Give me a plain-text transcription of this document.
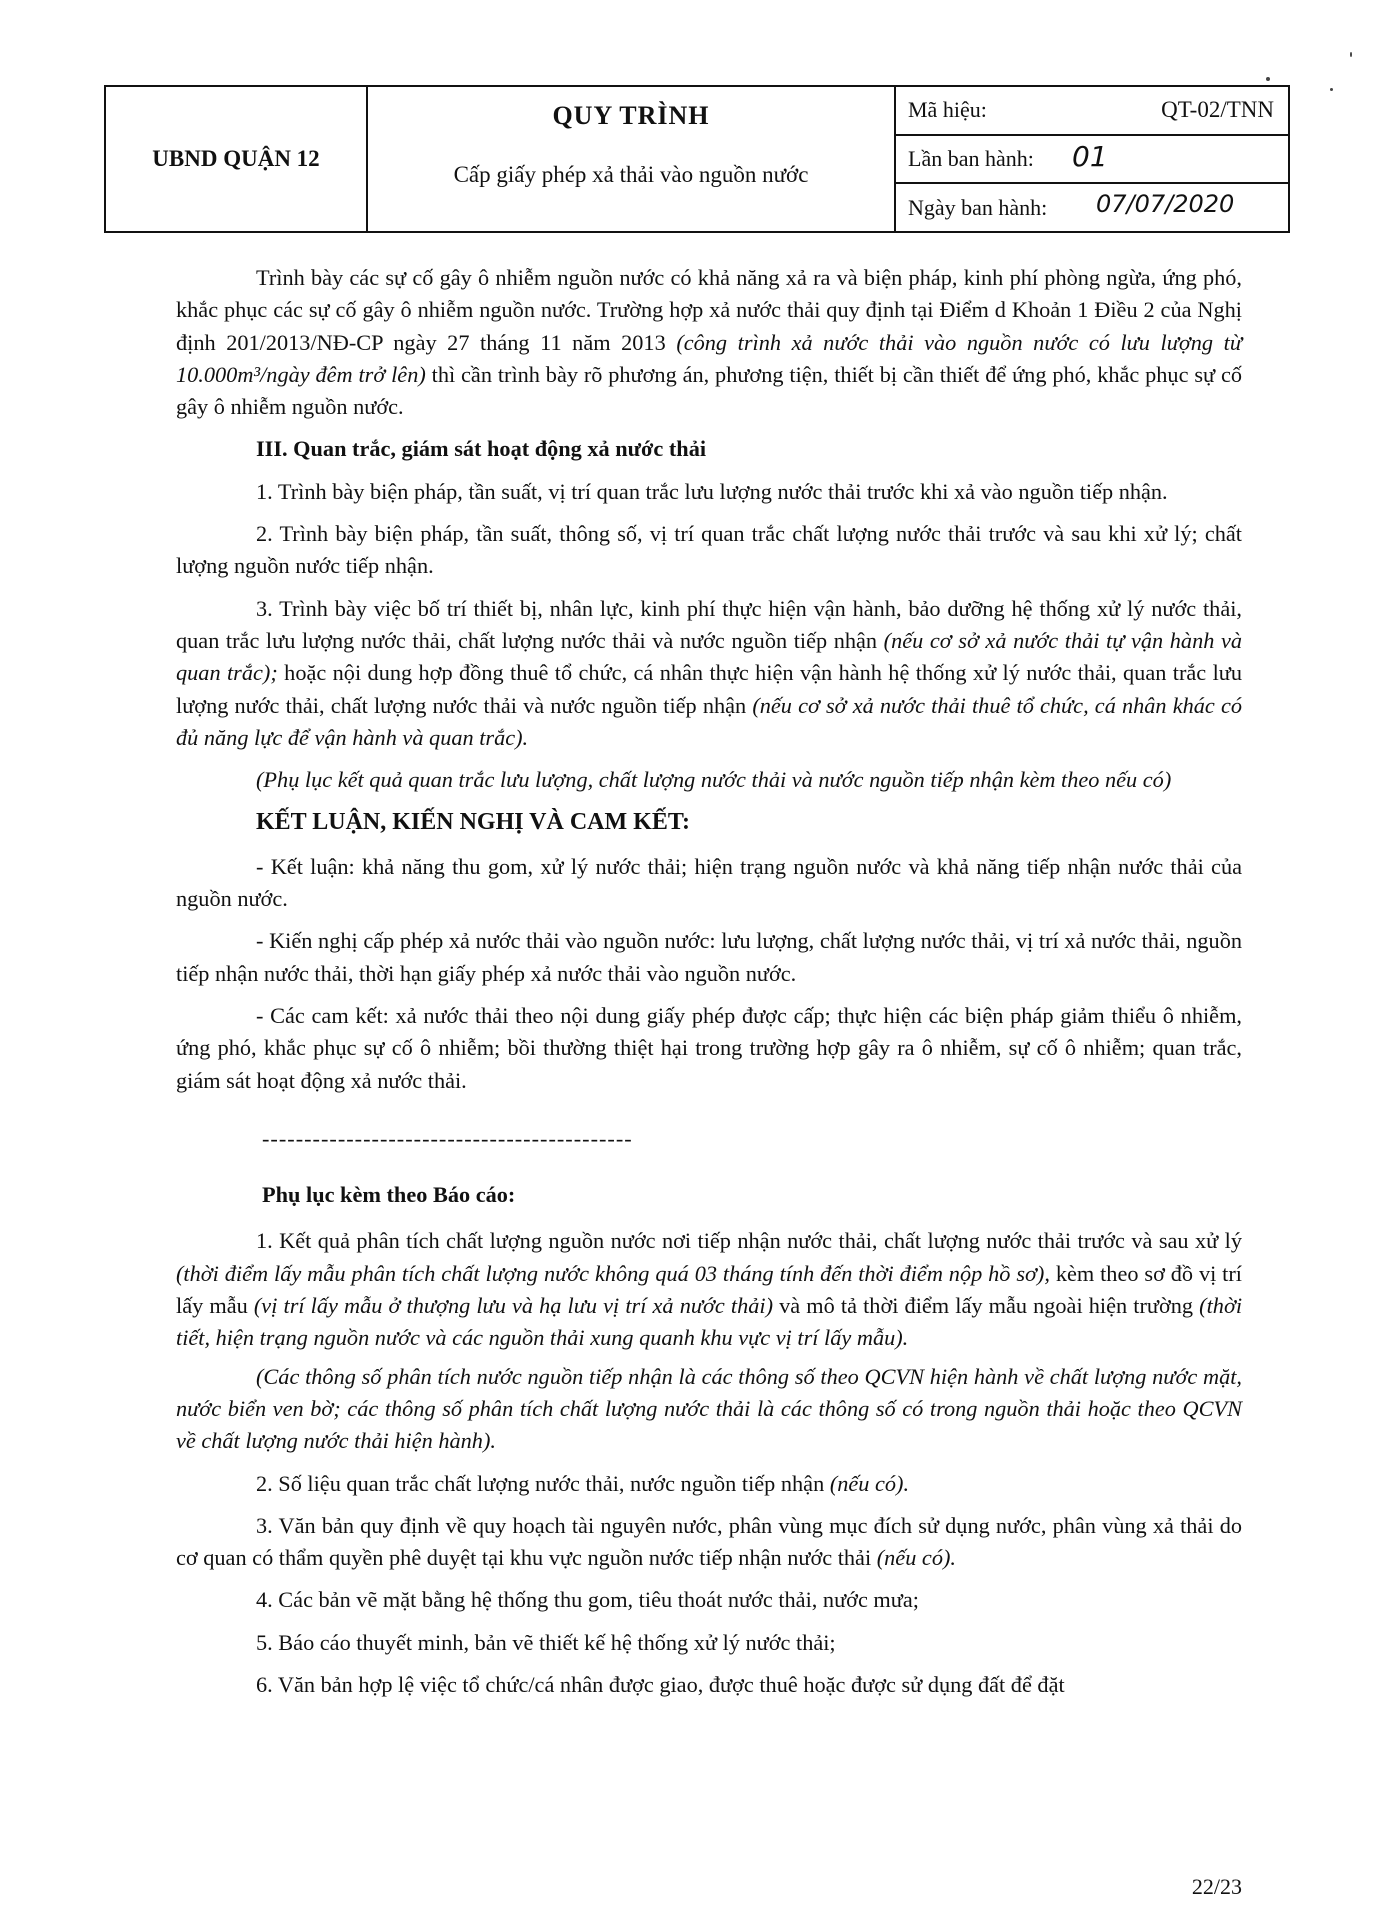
UBND QUẬN 12
QUY TRÌNH
Cấp giấy phép xả thải vào nguồn nước
Mã hiệu:	QT-02/TNN
Lần ban hành: 01
Ngày ban hành: 07/07/2020

Trình bày các sự cố gây ô nhiễm nguồn nước có khả năng xả ra và biện pháp, kinh phí phòng ngừa, ứng phó, khắc phục các sự cố gây ô nhiễm nguồn nước. Trường hợp xả nước thải quy định tại Điểm d Khoản 1 Điều 2 của Nghị định 201/2013/NĐ-CP ngày 27 tháng 11 năm 2013 (công trình xả nước thải vào nguồn nước có lưu lượng từ 10.000m³/ngày đêm trở lên) thì cần trình bày rõ phương án, phương tiện, thiết bị cần thiết để ứng phó, khắc phục sự cố gây ô nhiễm nguồn nước.

III. Quan trắc, giám sát hoạt động xả nước thải

1. Trình bày biện pháp, tần suất, vị trí quan trắc lưu lượng nước thải trước khi xả vào nguồn tiếp nhận.

2. Trình bày biện pháp, tần suất, thông số, vị trí quan trắc chất lượng nước thải trước và sau khi xử lý; chất lượng nguồn nước tiếp nhận.

3. Trình bày việc bố trí thiết bị, nhân lực, kinh phí thực hiện vận hành, bảo dưỡng hệ thống xử lý nước thải, quan trắc lưu lượng nước thải, chất lượng nước thải và nước nguồn tiếp nhận (nếu cơ sở xả nước thải tự vận hành và quan trắc); hoặc nội dung hợp đồng thuê tổ chức, cá nhân thực hiện vận hành hệ thống xử lý nước thải, quan trắc lưu lượng nước thải, chất lượng nước thải và nước nguồn tiếp nhận (nếu cơ sở xả nước thải thuê tổ chức, cá nhân khác có đủ năng lực để vận hành và quan trắc).

(Phụ lục kết quả quan trắc lưu lượng, chất lượng nước thải và nước nguồn tiếp nhận kèm theo nếu có)

KẾT LUẬN, KIẾN NGHỊ VÀ CAM KẾT:

- Kết luận: khả năng thu gom, xử lý nước thải; hiện trạng nguồn nước và khả năng tiếp nhận nước thải của nguồn nước.

- Kiến nghị cấp phép xả nước thải vào nguồn nước: lưu lượng, chất lượng nước thải, vị trí xả nước thải, nguồn tiếp nhận nước thải, thời hạn giấy phép xả nước thải vào nguồn nước.

- Các cam kết: xả nước thải theo nội dung giấy phép được cấp; thực hiện các biện pháp giảm thiểu ô nhiễm, ứng phó, khắc phục sự cố ô nhiễm; bồi thường thiệt hại trong trường hợp gây ra ô nhiễm, sự cố ô nhiễm; quan trắc, giám sát hoạt động xả nước thải.

--------------------------------------------

Phụ lục kèm theo Báo cáo:

1. Kết quả phân tích chất lượng nguồn nước nơi tiếp nhận nước thải, chất lượng nước thải trước và sau xử lý (thời điểm lấy mẫu phân tích chất lượng nước không quá 03 tháng tính đến thời điểm nộp hồ sơ), kèm theo sơ đồ vị trí lấy mẫu (vị trí lấy mẫu ở thượng lưu và hạ lưu vị trí xả nước thải) và mô tả thời điểm lấy mẫu ngoài hiện trường (thời tiết, hiện trạng nguồn nước và các nguồn thải xung quanh khu vực vị trí lấy mẫu).

(Các thông số phân tích nước nguồn tiếp nhận là các thông số theo QCVN hiện hành về chất lượng nước mặt, nước biển ven bờ; các thông số phân tích chất lượng nước thải là các thông số có trong nguồn thải hoặc theo QCVN về chất lượng nước thải hiện hành).

2. Số liệu quan trắc chất lượng nước thải, nước nguồn tiếp nhận (nếu có).

3. Văn bản quy định về quy hoạch tài nguyên nước, phân vùng mục đích sử dụng nước, phân vùng xả thải do cơ quan có thẩm quyền phê duyệt tại khu vực nguồn nước tiếp nhận nước thải (nếu có).

4. Các bản vẽ mặt bằng hệ thống thu gom, tiêu thoát nước thải, nước mưa;

5. Báo cáo thuyết minh, bản vẽ thiết kế hệ thống xử lý nước thải;

6. Văn bản hợp lệ việc tổ chức/cá nhân được giao, được thuê hoặc được sử dụng đất để đặt

22/23
